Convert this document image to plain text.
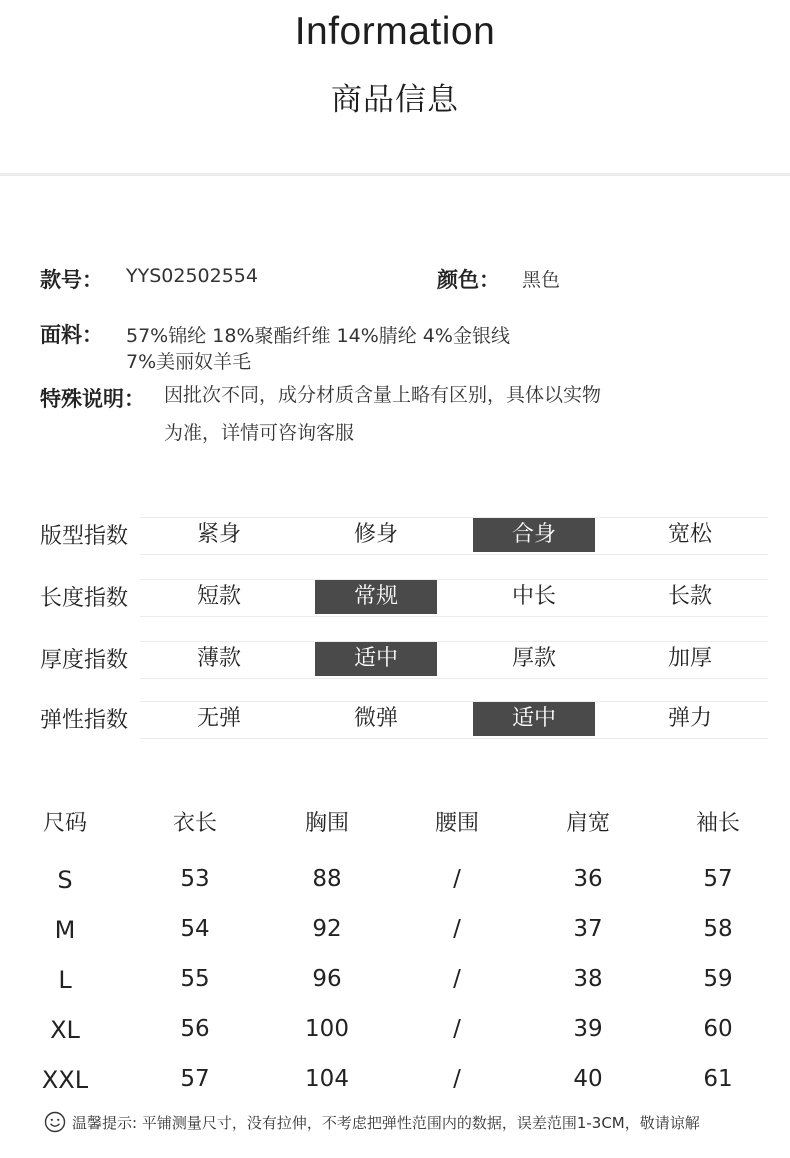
Information
商品信息
款号： YYS02502554	颜色： 黑色
面料： 57%锦纶 18%聚酯纤维 14%腈纶 4%金银线
7%美丽奴羊毛
特殊说明： 因批次不同，成分材质含量上略有区别，具体以实物
为准，详情可咨询客服
版型指数	紧身	修身	合身	宽松
长度指数	短款	常规	中长	长款
厚度指数	薄款	适中	厚款	加厚
弹性指数	无弹	微弹	适中	弹力
尺码	衣长	胸围	腰围	肩宽	袖长
S	53	88	/	36	57
M	54	92	/	37	58
L	55	96	/	38	59
XL	56	100	/	39	60
XXL	57	104	/	40	61
温馨提示: 平铺测量尺寸，没有拉伸，不考虑把弹性范围内的数据，误差范围1-3CM，敬请谅解
